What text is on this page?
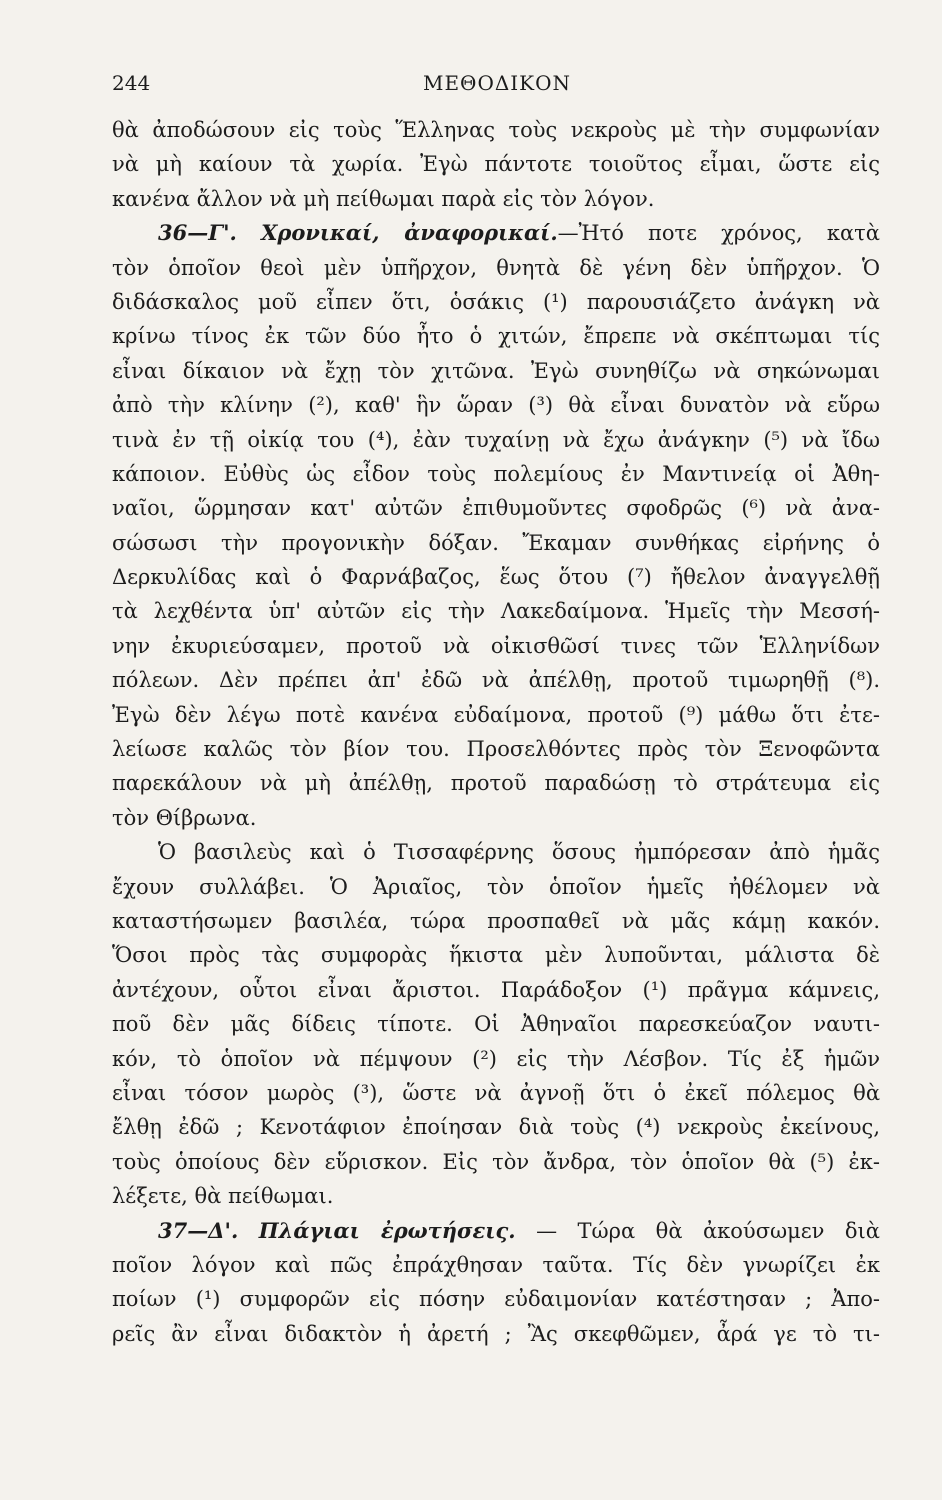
244	ΜΕΘΟΔΙΚΟΝ
θὰ ἀποδώσουν εἰς τοὺς Ἕλληνας τοὺς νεκροὺς μὲ τὴν συμφωνίαν
νὰ μὴ καίουν τὰ χωρία. Ἐγὼ πάντοτε τοιοῦτος εἶμαι, ὥστε εἰς
κανένα ἄλλον νὰ μὴ πείθωμαι παρὰ εἰς τὸν λόγον.
36—Γ'. Χρονικαί, ἀναφορικαί.—Ἠτό ποτε χρόνος, κατὰ
τὸν ὁποῖον θεοὶ μὲν ὑπῆρχον, θνητὰ δὲ γένη δὲν ὑπῆρχον. Ὁ
διδάσκαλος μοῦ εἶπεν ὅτι, ὁσάκις (¹) παρουσιάζετο ἀνάγκη νὰ
κρίνω τίνος ἐκ τῶν δύο ἦτο ὁ χιτών, ἔπρεπε νὰ σκέπτωμαι τίς
εἶναι δίκαιον νὰ ἔχῃ τὸν χιτῶνα. Ἐγὼ συνηθίζω νὰ σηκώνωμαι
ἀπὸ τὴν κλίνην (²), καθ' ἣν ὥραν (³) θὰ εἶναι δυνατὸν νὰ εὕρω
τινὰ ἐν τῇ οἰκίᾳ του (⁴), ἐὰν τυχαίνῃ νὰ ἔχω ἀνάγκην (⁵) νὰ ἴδω
κάποιον. Εὐθὺς ὡς εἶδον τοὺς πολεμίους ἐν Μαντινείᾳ οἱ Ἀθη-
ναῖοι, ὥρμησαν κατ' αὐτῶν ἐπιθυμοῦντες σφοδρῶς (⁶) νὰ ἀνα-
σώσωσι τὴν προγονικὴν δόξαν. Ἔκαμαν συνθήκας εἰρήνης ὁ
Δερκυλίδας καὶ ὁ Φαρνάβαζος, ἕως ὅτου (⁷) ἤθελον ἀναγγελθῇ
τὰ λεχθέντα ὑπ' αὐτῶν εἰς τὴν Λακεδαίμονα. Ἡμεῖς τὴν Μεσσή-
νην ἐκυριεύσαμεν, προτοῦ νὰ οἰκισθῶσί τινες τῶν Ἑλληνίδων
πόλεων. Δὲν πρέπει ἀπ' ἐδῶ νὰ ἀπέλθῃ, προτοῦ τιμωρηθῇ (⁸).
Ἐγὼ δὲν λέγω ποτὲ κανένα εὐδαίμονα, προτοῦ (⁹) μάθω ὅτι ἐτε-
λείωσε καλῶς τὸν βίον του. Προσελθόντες πρὸς τὸν Ξενοφῶντα
παρεκάλουν νὰ μὴ ἀπέλθῃ, προτοῦ παραδώσῃ τὸ στράτευμα εἰς
τὸν Θίβρωνα.
Ὁ βασιλεὺς καὶ ὁ Τισσαφέρνης ὅσους ἠμπόρεσαν ἀπὸ ἡμᾶς
ἔχουν συλλάβει. Ὁ Ἀριαῖος, τὸν ὁποῖον ἡμεῖς ἠθέλομεν νὰ
καταστήσωμεν βασιλέα, τώρα προσπαθεῖ νὰ μᾶς κάμῃ κακόν.
Ὅσοι πρὸς τὰς συμφορὰς ἥκιστα μὲν λυποῦνται, μάλιστα δὲ
ἀντέχουν, οὗτοι εἶναι ἄριστοι. Παράδοξον (¹) πρᾶγμα κάμνεις,
ποῦ δὲν μᾶς δίδεις τίποτε. Οἱ Ἀθηναῖοι παρεσκεύαζον ναυτι-
κόν, τὸ ὁποῖον νὰ πέμψουν (²) εἰς τὴν Λέσβον. Τίς ἐξ ἡμῶν
εἶναι τόσον μωρὸς (³), ὥστε νὰ ἀγνοῇ ὅτι ὁ ἐκεῖ πόλεμος θὰ
ἔλθῃ ἐδῶ ; Κενοτάφιον ἐποίησαν διὰ τοὺς (⁴) νεκροὺς ἐκείνους,
τοὺς ὁποίους δὲν εὕρισκον. Εἰς τὸν ἄνδρα, τὸν ὁποῖον θὰ (⁵) ἐκ-
λέξετε, θὰ πείθωμαι.
37—Δ'. Πλάγιαι ἐρωτήσεις. — Τώρα θὰ ἀκούσωμεν διὰ
ποῖον λόγον καὶ πῶς ἐπράχθησαν ταῦτα. Τίς δὲν γνωρίζει ἐκ
ποίων (¹) συμφορῶν εἰς πόσην εὐδαιμονίαν κατέστησαν ; Ἀπο-
ρεῖς ἂν εἶναι διδακτὸν ἡ ἀρετή ; Ἂς σκεφθῶμεν, ἆρά γε τὸ τι-
